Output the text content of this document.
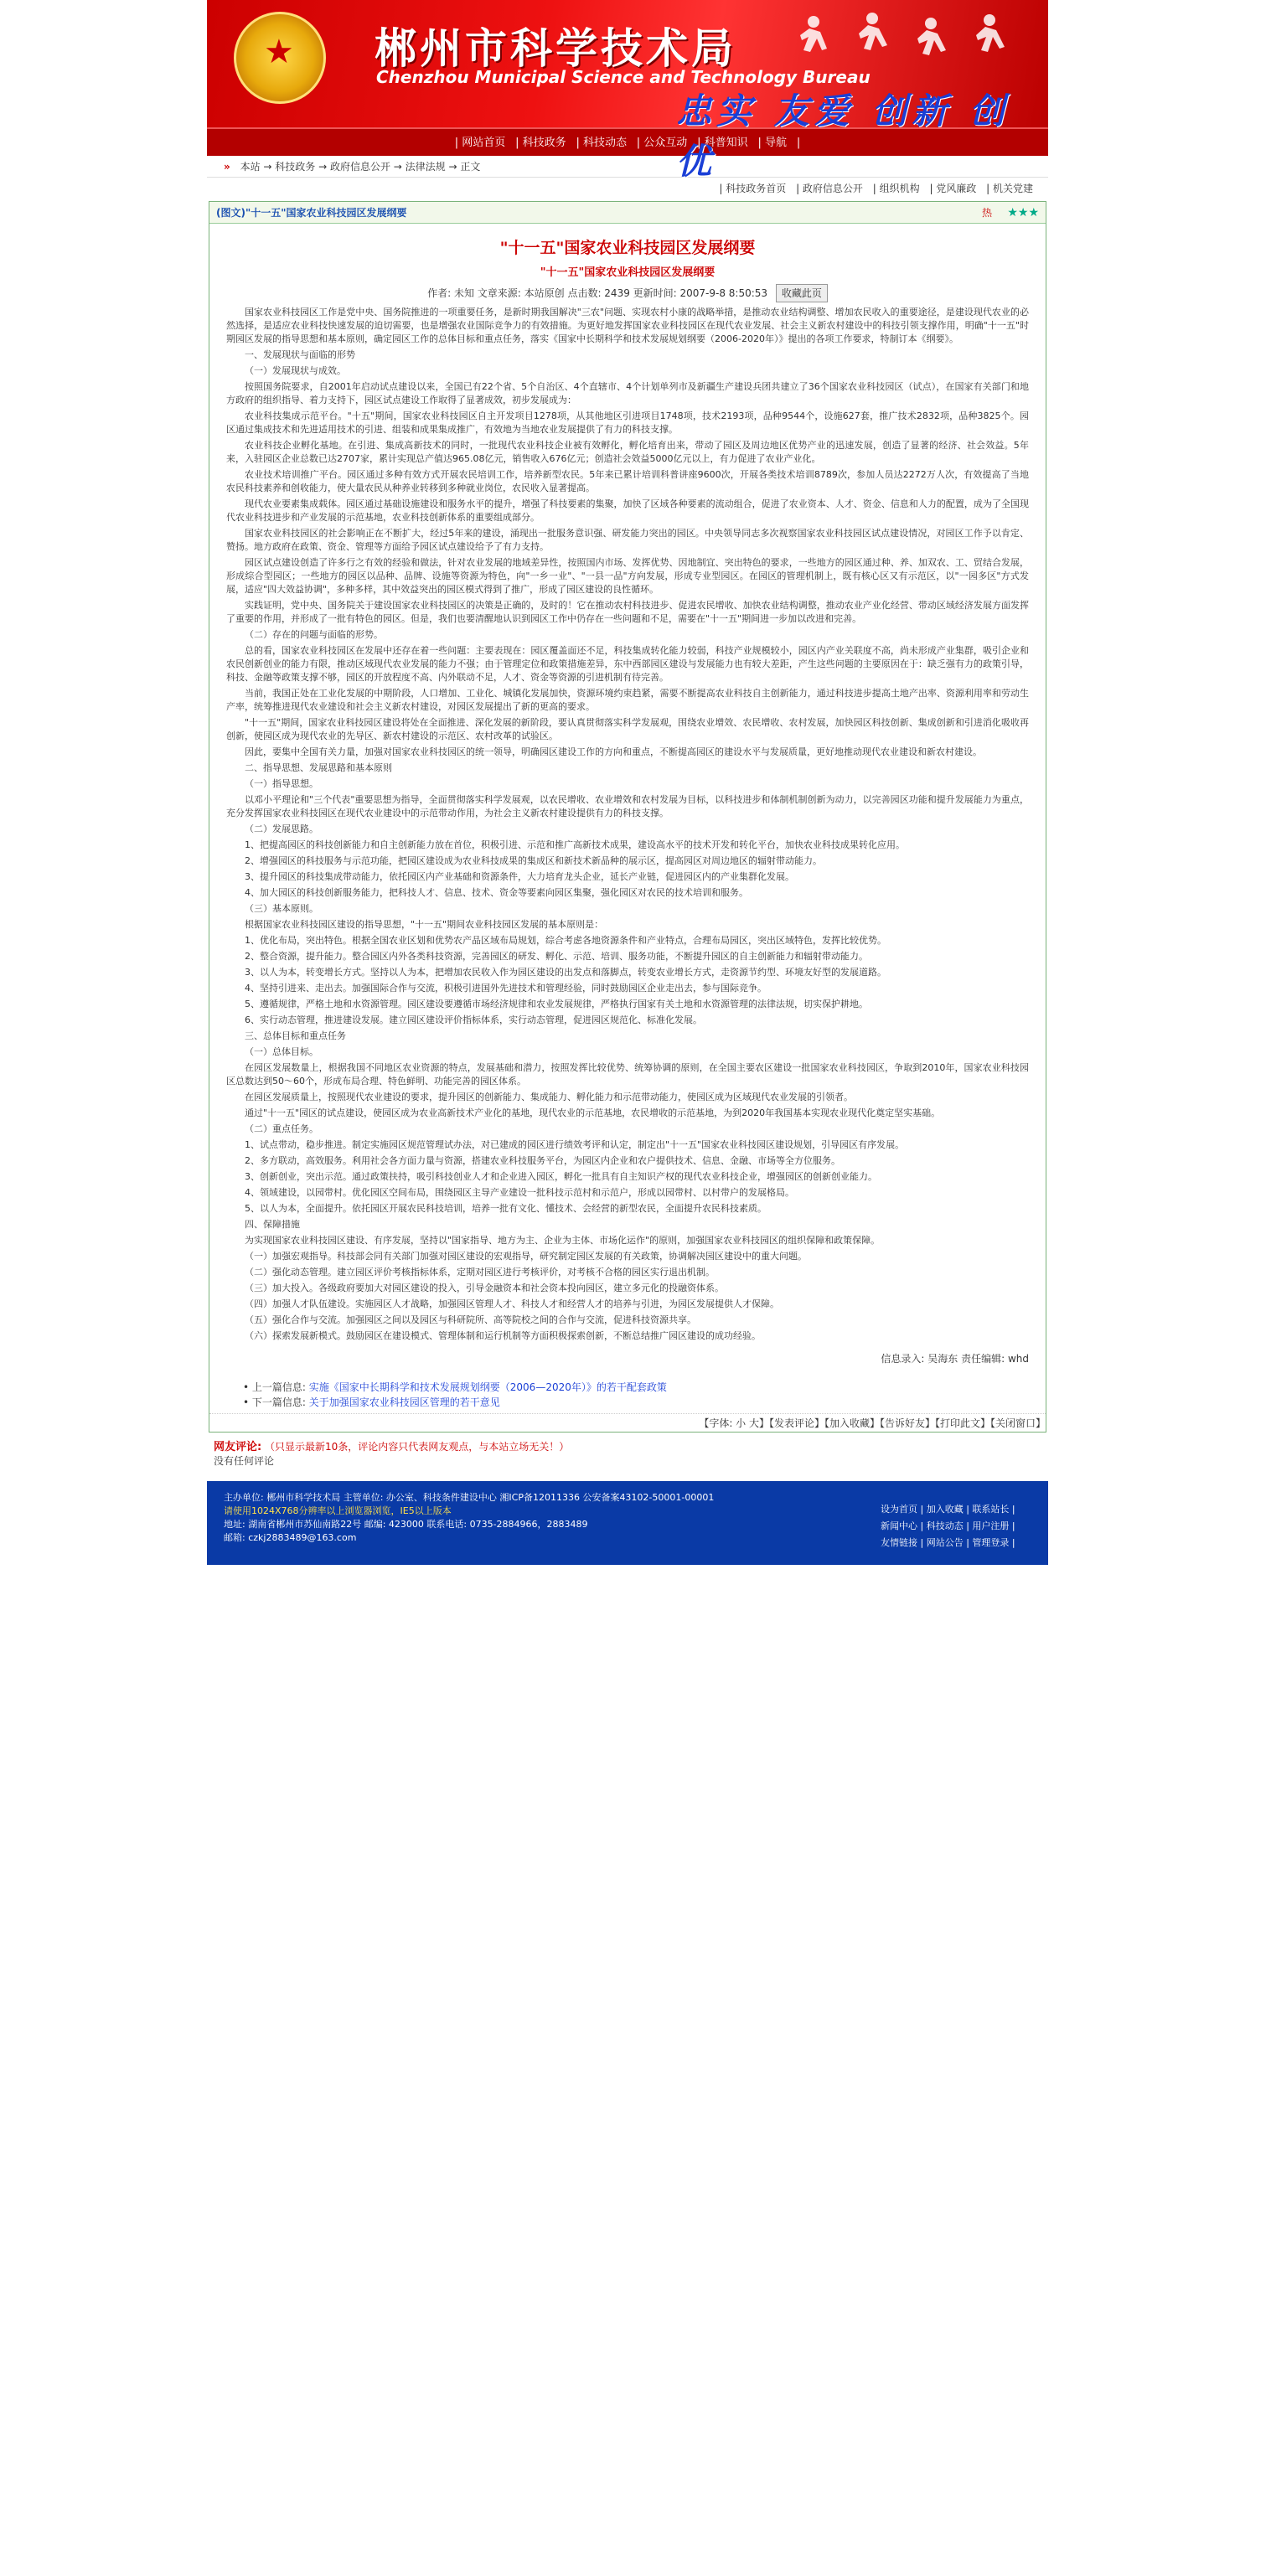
★
郴州市科学技术局
Chenzhou Municipal Science and Technology Bureau
忠实 友爱 创新 创优
| 网站首页 | 科技政务 | 科技动态 | 公众互动 | 科普知识 | 导航 |
» 本站 → 科技政务 → 政府信息公开 → 法律法规 → 正文
| 科技政务首页 | 政府信息公开 | 组织机构 | 党风廉政 | 机关党建
(图文)"十一五"国家农业科技园区发展纲要	热 ★★★
"十一五"国家农业科技园区发展纲要
"十一五"国家农业科技园区发展纲要
作者: 未知 文章来源: 本站原创 点击数: 2439 更新时间: 2007-9-8 8:50:53 收藏此页

国家农业科技园区工作是党中央、国务院推进的一项重要任务，是新时期我国解决"三农"问题、实现农村小康的战略举措，是推动农业结构调整、增加农民收入的重要途径，是建设现代农业的必然选择，是适应农业科技快速发展的迫切需要，也是增强农业国际竞争力的有效措施。为更好地发挥国家农业科技园区在现代农业发展、社会主义新农村建设中的科技引领支撑作用，明确"十一五"时期园区发展的指导思想和基本原则，确定园区工作的总体目标和重点任务，落实《国家中长期科学和技术发展规划纲要（2006-2020年）》提出的各项工作要求，特制订本《纲要》。

一、发展现状与面临的形势

（一）发展现状与成效。

按照国务院要求，自2001年启动试点建设以来，全国已有22个省、5个自治区、4个直辖市、4个计划单列市及新疆生产建设兵团共建立了36个国家农业科技园区（试点），在国家有关部门和地方政府的组织指导、着力支持下，园区试点建设工作取得了显著成效，初步发展成为：

农业科技集成示范平台。"十五"期间，国家农业科技园区自主开发项目1278项，从其他地区引进项目1748项，技术2193项，品种9544个，设施627套，推广技术2832项，品种3825个。园区通过集成技术和先进适用技术的引进、组装和成果集成推广，有效地为当地农业发展提供了有力的科技支撑。

农业科技企业孵化基地。在引进、集成高新技术的同时，一批现代农业科技企业被有效孵化，孵化培育出来，带动了园区及周边地区优势产业的迅速发展，创造了显著的经济、社会效益。5年来，入驻园区企业总数已达2707家，累计实现总产值达965.08亿元，销售收入676亿元；创造社会效益5000亿元以上，有力促进了农业产业化。

农业技术培训推广平台。园区通过多种有效方式开展农民培训工作，培养新型农民。5年来已累计培训科普讲座9600次，开展各类技术培训8789次，参加人员达2272万人次，有效提高了当地农民科技素养和创收能力，使大量农民从种养业转移到多种就业岗位，农民收入显著提高。

现代农业要素集成载体。园区通过基础设施建设和服务水平的提升，增强了科技要素的集聚，加快了区域各种要素的流动组合，促进了农业资本、人才、资金、信息和人力的配置，成为了全国现代农业科技进步和产业发展的示范基地，农业科技创新体系的重要组成部分。

国家农业科技园区的社会影响正在不断扩大，经过5年来的建设，涌现出一批服务意识强、研发能力突出的园区。中央领导同志多次视察国家农业科技园区试点建设情况，对园区工作予以肯定、赞扬。地方政府在政策、资金、管理等方面给予园区试点建设给予了有力支持。

园区试点建设创造了许多行之有效的经验和做法，针对农业发展的地域差异性，按照国内市场、发挥优势、因地制宜、突出特色的要求，一些地方的园区通过种、养、加双农、工、贸结合发展，形成综合型园区；一些地方的园区以品种、品牌、设施等资源为特色，向"一乡一业"、"一县一品"方向发展，形成专业型园区。在园区的管理机制上，既有核心区又有示范区，以"一园多区"方式发展，适应"四大效益协调"，多种多样，其中效益突出的园区模式得到了推广，形成了园区建设的良性循环。

实践证明，党中央、国务院关于建设国家农业科技园区的决策是正确的，及时的！它在推动农村科技进步、促进农民增收、加快农业结构调整，推动农业产业化经营、带动区域经济发展方面发挥了重要的作用，并形成了一批有特色的园区。但是，我们也要清醒地认识到园区工作中仍存在一些问题和不足，需要在"十一五"期间进一步加以改进和完善。

（二）存在的问题与面临的形势。

总的看，国家农业科技园区在发展中还存在着一些问题：主要表现在：园区覆盖面还不足，科技集成转化能力较弱，科技产业规模较小，园区内产业关联度不高，尚未形成产业集群，吸引企业和农民创新创业的能力有限，推动区域现代农业发展的能力不强；由于管理定位和政策措施差异，东中西部园区建设与发展能力也有较大差距，产生这些问题的主要原因在于：缺乏强有力的政策引导，科技、金融等政策支撑不够，园区的开放程度不高、内外联动不足，人才、资金等资源的引进机制有待完善。

当前，我国正处在工业化发展的中期阶段，人口增加、工业化、城镇化发展加快，资源环境约束趋紧，需要不断提高农业科技自主创新能力，通过科技进步提高土地产出率、资源利用率和劳动生产率，统筹推进现代农业建设和社会主义新农村建设，对园区发展提出了新的更高的要求。

"十一五"期间，国家农业科技园区建设将处在全面推进、深化发展的新阶段，要认真贯彻落实科学发展观，围绕农业增效、农民增收、农村发展，加快园区科技创新、集成创新和引进消化吸收再创新，使园区成为现代农业的先导区、新农村建设的示范区、农村改革的试验区。

因此，要集中全国有关力量，加强对国家农业科技园区的统一领导，明确园区建设工作的方向和重点，不断提高园区的建设水平与发展质量，更好地推动现代农业建设和新农村建设。

二、指导思想、发展思路和基本原则

（一）指导思想。

以邓小平理论和"三个代表"重要思想为指导，全面贯彻落实科学发展观，以农民增收、农业增效和农村发展为目标，以科技进步和体制机制创新为动力，以完善园区功能和提升发展能力为重点，充分发挥国家农业科技园区在现代农业建设中的示范带动作用，为社会主义新农村建设提供有力的科技支撑。

（二）发展思路。

1、把提高园区的科技创新能力和自主创新能力放在首位，积极引进、示范和推广高新技术成果，建设高水平的技术开发和转化平台，加快农业科技成果转化应用。

2、增强园区的科技服务与示范功能，把园区建设成为农业科技成果的集成区和新技术新品种的展示区，提高园区对周边地区的辐射带动能力。

3、提升园区的科技集成带动能力，依托园区内产业基础和资源条件，大力培育龙头企业，延长产业链，促进园区内的产业集群化发展。

4、加大园区的科技创新服务能力，把科技人才、信息、技术、资金等要素向园区集聚，强化园区对农民的技术培训和服务。

（三）基本原则。

根据国家农业科技园区建设的指导思想，"十一五"期间农业科技园区发展的基本原则是：

1、优化布局，突出特色。根据全国农业区划和优势农产品区域布局规划，综合考虑各地资源条件和产业特点，合理布局园区，突出区域特色，发挥比较优势。

2、整合资源，提升能力。整合园区内外各类科技资源，完善园区的研发、孵化、示范、培训、服务功能，不断提升园区的自主创新能力和辐射带动能力。

3、以人为本，转变增长方式。坚持以人为本，把增加农民收入作为园区建设的出发点和落脚点，转变农业增长方式，走资源节约型、环境友好型的发展道路。

4、坚持引进来、走出去。加强国际合作与交流，积极引进国外先进技术和管理经验，同时鼓励园区企业走出去，参与国际竞争。

5、遵循规律，严格土地和水资源管理。园区建设要遵循市场经济规律和农业发展规律，严格执行国家有关土地和水资源管理的法律法规，切实保护耕地。

6、实行动态管理，推进建设发展。建立园区建设评价指标体系，实行动态管理，促进园区规范化、标准化发展。

三、总体目标和重点任务

（一）总体目标。

在园区发展数量上，根据我国不同地区农业资源的特点，发展基础和潜力，按照发挥比较优势、统筹协调的原则，在全国主要农区建设一批国家农业科技园区，争取到2010年，国家农业科技园区总数达到50～60个，形成布局合理、特色鲜明、功能完善的园区体系。

在园区发展质量上，按照现代农业建设的要求，提升园区的创新能力、集成能力、孵化能力和示范带动能力，使园区成为区域现代农业发展的引领者。

通过"十一五"园区的试点建设，使园区成为农业高新技术产业化的基地，现代农业的示范基地，农民增收的示范基地，为到2020年我国基本实现农业现代化奠定坚实基础。

（二）重点任务。

1、试点带动，稳步推进。制定实施园区规范管理试办法，对已建成的园区进行绩效考评和认定，制定出"十一五"国家农业科技园区建设规划，引导园区有序发展。

2、多方联动，高效服务。利用社会各方面力量与资源，搭建农业科技服务平台，为园区内企业和农户提供技术、信息、金融、市场等全方位服务。

3、创新创业，突出示范。通过政策扶持，吸引科技创业人才和企业进入园区，孵化一批具有自主知识产权的现代农业科技企业，增强园区的创新创业能力。

4、领域建设，以园带村。优化园区空间布局，围绕园区主导产业建设一批科技示范村和示范户，形成以园带村、以村带户的发展格局。

5、以人为本，全面提升。依托园区开展农民科技培训，培养一批有文化、懂技术、会经营的新型农民，全面提升农民科技素质。

四、保障措施

为实现国家农业科技园区建设、有序发展，坚持以"国家指导、地方为主、企业为主体、市场化运作"的原则，加强国家农业科技园区的组织保障和政策保障。

（一）加强宏观指导。科技部会同有关部门加强对园区建设的宏观指导，研究制定园区发展的有关政策，协调解决园区建设中的重大问题。

（二）强化动态管理。建立园区评价考核指标体系，定期对园区进行考核评价，对考核不合格的园区实行退出机制。

（三）加大投入。各级政府要加大对园区建设的投入，引导金融资本和社会资本投向园区，建立多元化的投融资体系。

（四）加强人才队伍建设。实施园区人才战略，加强园区管理人才、科技人才和经营人才的培养与引进，为园区发展提供人才保障。

（五）强化合作与交流。加强园区之间以及园区与科研院所、高等院校之间的合作与交流，促进科技资源共享。

（六）探索发展新模式。鼓励园区在建设模式、管理体制和运行机制等方面积极探索创新，不断总结推广园区建设的成功经验。

信息录入: 吴海东 责任编辑: whd
• 上一篇信息: 实施《国家中长期科学和技术发展规划纲要（2006—2020年）》的若干配套政策
• 下一篇信息: 关于加强国家农业科技园区管理的若干意见
【字体: 小 大】【发表评论】【加入收藏】【告诉好友】【打印此文】【关闭窗口】
网友评论: （只显示最新10条，评论内容只代表网友观点，与本站立场无关！）
没有任何评论
主办单位: 郴州市科学技术局 主管单位: 办公室、科技条件建设中心 湘ICP备12011336 公安备案43102-50001-00001
请使用1024X768分辨率以上浏览器浏览，IE5以上版本
地址: 湖南省郴州市苏仙南路22号 邮编: 423000 联系电话: 0735-2884966，2883489
邮箱: czkj2883489@163.com
设为首页 | 加入收藏 | 联系站长 |
新闻中心 | 科技动态 | 用户注册 |
友情链接 | 网站公告 | 管理登录 |
